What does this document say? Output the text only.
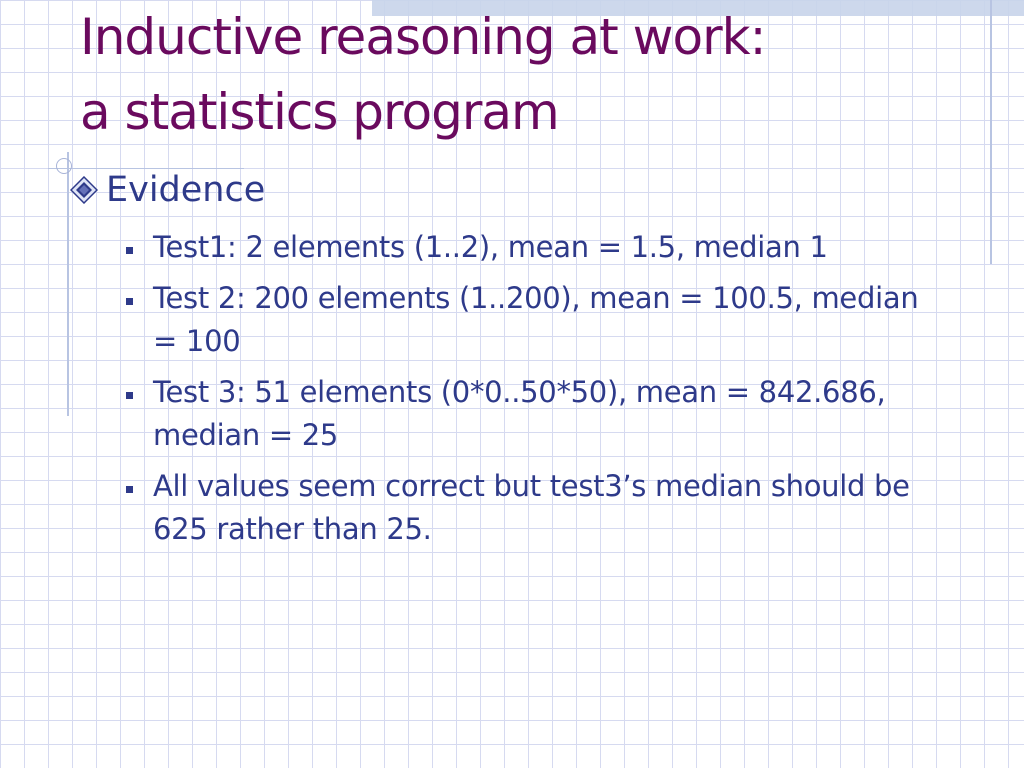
Inductive reasoning at work:
a statistics program
Evidence
Test1: 2 elements (1..2), mean = 1.5, median 1
Test 2: 200 elements (1..200), mean = 100.5, median = 100
Test 3: 51 elements (0*0..50*50), mean = 842.686, median = 25
All values seem correct but test3’s median should be 625 rather than 25.
